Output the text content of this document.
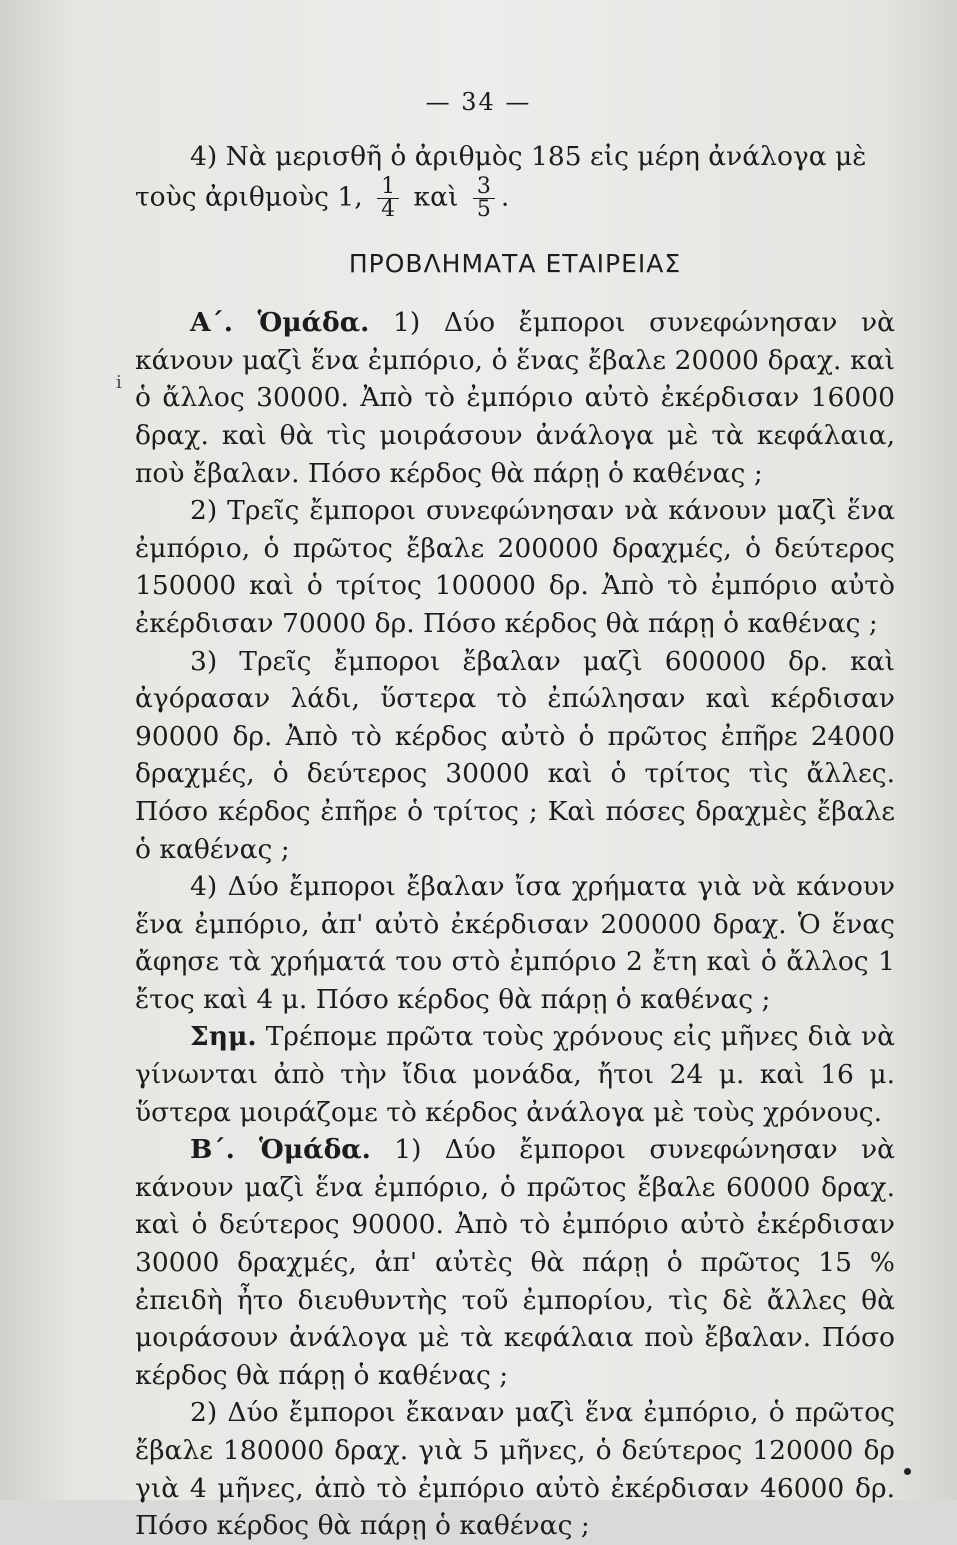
— 34 —
ⅰ

4) Νὰ μερισθῆ ὁ ἀριθμὸς 185 εἰς μέρη ἀνάλογα μὲ

τοὺς ἀριθμοὺς 1, $\frac{1}{4}$ καὶ $\frac{3}{5}$ .

ΠΡΟΒΛΗΜΑΤΑ ΕΤΑΙΡΕΙΑΣ

Α΄. Ὁμάδα. 1) Δύο ἔμποροι συνεφώνησαν νὰ κάνουν μαζὶ ἕνα ἐμπόριο, ὁ ἕνας ἔβαλε 20000 δραχ. καὶ ὁ ἄλλος 30000. Ἀπὸ τὸ ἐμπόριο αὐτὸ ἐκέρδισαν 16000 δραχ. καὶ θὰ τὶς μοιράσουν ἀνάλογα μὲ τὰ κεφάλαια, ποὺ ἔβαλαν. Πόσο κέρδος θὰ πάρῃ ὁ καθένας ;

2) Τρεῖς ἔμποροι συνεφώνησαν νὰ κάνουν μαζὶ ἕνα ἐμπόριο, ὁ πρῶτος ἔβαλε 200000 δραχμές, ὁ δεύτερος 150000 καὶ ὁ τρίτος 100000 δρ. Ἀπὸ τὸ ἐμπόριο αὐτὸ ἐκέρδισαν 70000 δρ. Πόσο κέρδος θὰ πάρῃ ὁ καθένας ;

3) Τρεῖς ἔμποροι ἔβαλαν μαζὶ 600000 δρ. καὶ ἀγόρασαν λάδι, ὕστερα τὸ ἐπώλησαν καὶ κέρδισαν 90000 δρ. Ἀπὸ τὸ κέρδος αὐτὸ ὁ πρῶτος ἐπῆρε 24000 δραχμές, ὁ δεύτερος 30000 καὶ ὁ τρίτος τὶς ἄλλες. Πόσο κέρδος ἐπῆρε ὁ τρίτος ; Καὶ πόσες δραχμὲς ἔβαλε ὁ καθένας ;

4) Δύο ἔμποροι ἔβαλαν ἴσα χρήματα γιὰ νὰ κάνουν ἕνα ἐμπόριο, ἀπ' αὐτὸ ἐκέρδισαν 200000 δραχ. Ὁ ἕνας ἄφησε τὰ χρήματά του στὸ ἐμπόριο 2 ἔτη καὶ ὁ ἄλλος 1 ἔτος καὶ 4 μ. Πόσο κέρδος θὰ πάρῃ ὁ καθένας ;

Σημ. Τρέπομε πρῶτα τοὺς χρόνους εἰς μῆνες διὰ νὰ γίνωνται ἀπὸ τὴν ἴδια μονάδα, ἤτοι 24 μ. καὶ 16 μ. ὕστερα μοιράζομε τὸ κέρδος ἀνάλογα μὲ τοὺς χρόνους.

Β΄. Ὁμάδα. 1) Δύο ἔμποροι συνεφώνησαν νὰ κάνουν μαζὶ ἕνα ἐμπόριο, ὁ πρῶτος ἔβαλε 60000 δραχ. καὶ ὁ δεύτερος 90000. Ἀπὸ τὸ ἐμπόριο αὐτὸ ἐκέρδισαν 30000 δραχμές, ἀπ' αὐτὲς θὰ πάρῃ ὁ πρῶτος 15 % ἐπειδὴ ἦτο διευθυντὴς τοῦ ἐμπορίου, τὶς δὲ ἄλλες θὰ μοιράσουν ἀνάλογα μὲ τὰ κεφάλαια ποὺ ἔβαλαν. Πόσο κέρδος θὰ πάρῃ ὁ καθένας ;

2) Δύο ἔμποροι ἔκαναν μαζὶ ἕνα ἐμπόριο, ὁ πρῶτος ἔβαλε 180000 δραχ. γιὰ 5 μῆνες, ὁ δεύτερος 120000 δρ γιὰ 4 μῆνες, ἀπὸ τὸ ἐμπόριο αὐτὸ ἐκέρδισαν 46000 δρ. Πόσο κέρδος θὰ πάρῃ ὁ καθένας ;
